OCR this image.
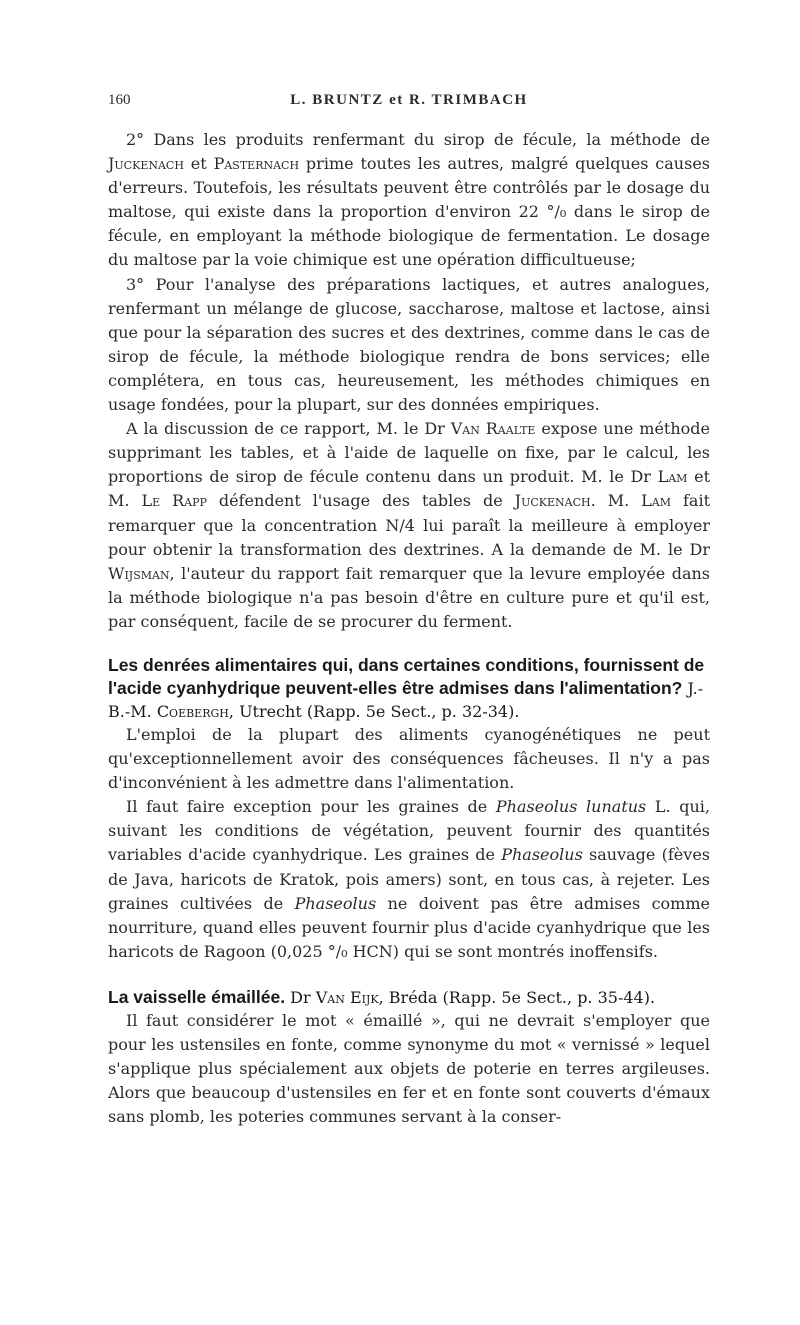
160	L. BRUNTZ et R. TRIMBACH

2° Dans les produits renfermant du sirop de fécule, la méthode de Juckenach et Pasternach prime toutes les autres, malgré quelques causes d'erreurs. Toutefois, les résultats peuvent être contrôlés par le dosage du maltose, qui existe dans la proportion d'environ 22 °/₀ dans le sirop de fécule, en employant la méthode biologique de fermentation. Le dosage du maltose par la voie chimique est une opération difficultueuse;

3° Pour l'analyse des préparations lactiques, et autres analogues, renfermant un mélange de glucose, saccharose, maltose et lactose, ainsi que pour la séparation des sucres et des dextrines, comme dans le cas de sirop de fécule, la méthode biologique rendra de bons services; elle complétera, en tous cas, heureusement, les méthodes chimiques en usage fondées, pour la plupart, sur des données empiriques.

A la discussion de ce rapport, M. le Dr Van Raalte expose une méthode supprimant les tables, et à l'aide de laquelle on fixe, par le calcul, les proportions de sirop de fécule contenu dans un produit. M. le Dr Lam et M. Le Rapp défendent l'usage des tables de Juckenach. M. Lam fait remarquer que la concentration N/4 lui paraît la meilleure à employer pour obtenir la transformation des dextrines. A la demande de M. le Dr Wijsman, l'auteur du rapport fait remarquer que la levure employée dans la méthode biologique n'a pas besoin d'être en culture pure et qu'il est, par conséquent, facile de se procurer du ferment.

Les denrées alimentaires qui, dans certaines conditions, fournissent de l'acide cyanhydrique peuvent-elles être admises dans l'alimentation? J.-B.-M. Coebergh, Utrecht (Rapp. 5e Sect., p. 32-34).

L'emploi de la plupart des aliments cyanogénétiques ne peut qu'exceptionnellement avoir des conséquences fâcheuses. Il n'y a pas d'inconvénient à les admettre dans l'alimentation.

Il faut faire exception pour les graines de Phaseolus lunatus L. qui, suivant les conditions de végétation, peuvent fournir des quantités variables d'acide cyanhydrique. Les graines de Phaseolus sauvage (fèves de Java, haricots de Kratok, pois amers) sont, en tous cas, à rejeter. Les graines cultivées de Phaseolus ne doivent pas être admises comme nourriture, quand elles peuvent fournir plus d'acide cyanhydrique que les haricots de Ragoon (0,025 °/₀ HCN) qui se sont montrés inoffensifs.

La vaisselle émaillée. Dr Van Eijk, Bréda (Rapp. 5e Sect., p. 35-44).

Il faut considérer le mot « émaillé », qui ne devrait s'employer que pour les ustensiles en fonte, comme synonyme du mot « vernissé » lequel s'applique plus spécialement aux objets de poterie en terres argileuses. Alors que beaucoup d'ustensiles en fer et en fonte sont couverts d'émaux sans plomb, les poteries communes servant à la conser-
